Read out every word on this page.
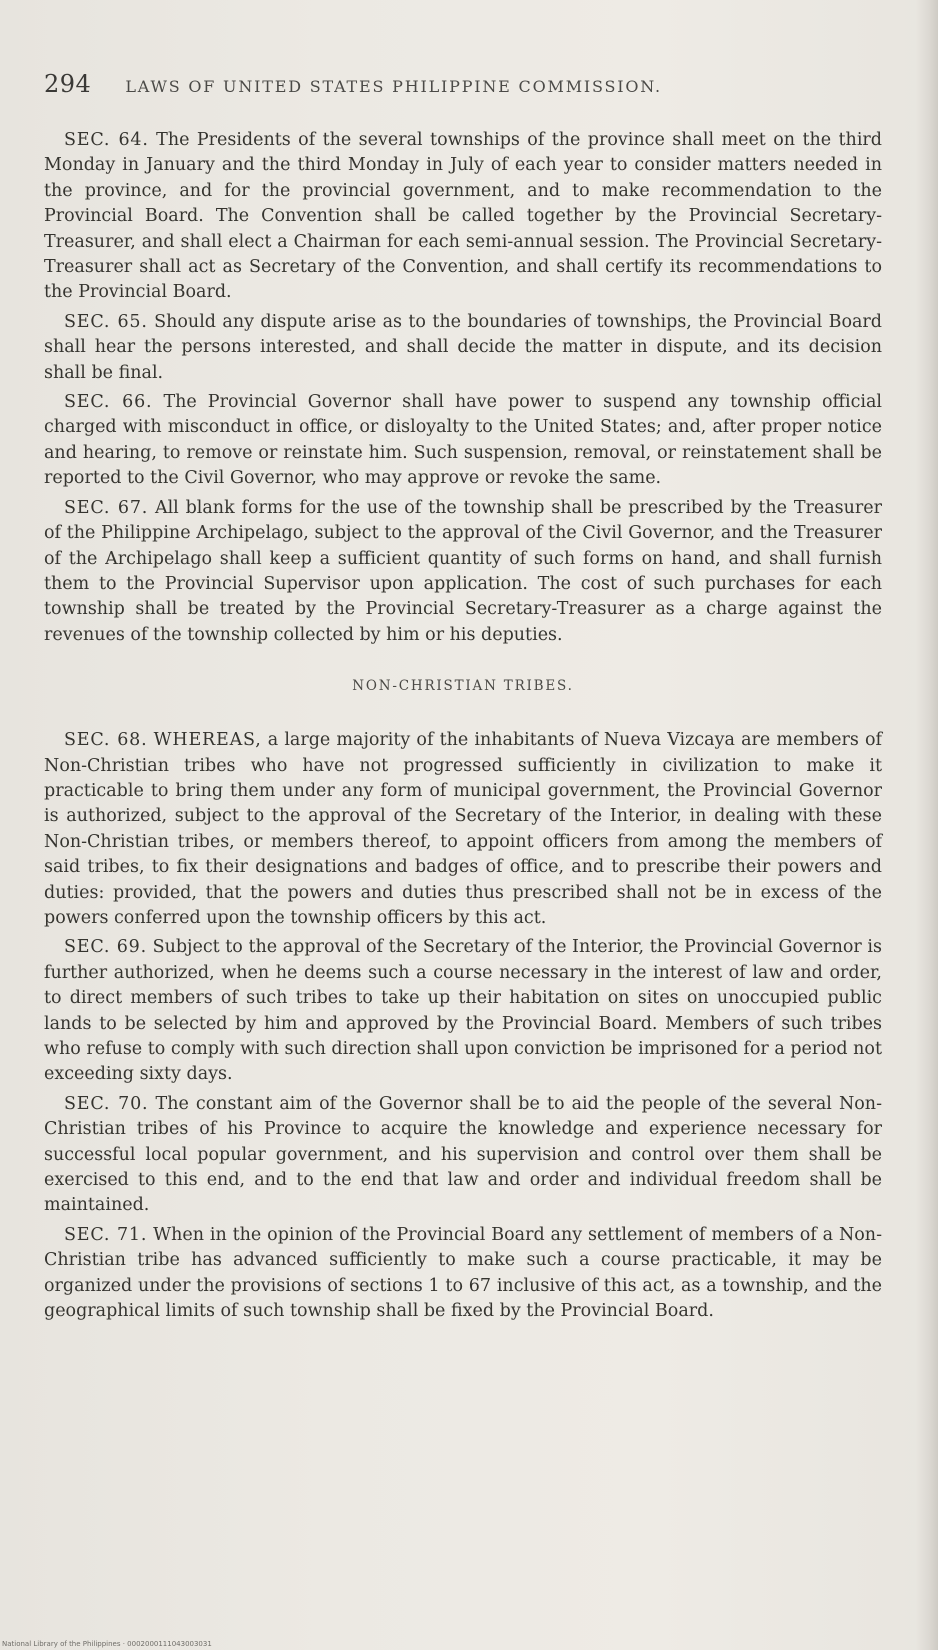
294 LAWS OF UNITED STATES PHILIPPINE COMMISSION.

SEC. 64. The Presidents of the several townships of the province shall meet on the third Monday in January and the third Monday in July of each year to consider matters needed in the province, and for the provincial government, and to make recommendation to the Provincial Board. The Convention shall be called together by the Provincial Secretary-Treasurer, and shall elect a Chairman for each semi-annual session. The Provincial Secretary-Treasurer shall act as Secretary of the Convention, and shall certify its recommendations to the Provincial Board.

SEC. 65. Should any dispute arise as to the boundaries of townships, the Provincial Board shall hear the persons interested, and shall decide the matter in dispute, and its decision shall be final.

SEC. 66. The Provincial Governor shall have power to suspend any township official charged with misconduct in office, or disloyalty to the United States; and, after proper notice and hearing, to remove or reinstate him. Such suspension, removal, or reinstatement shall be reported to the Civil Governor, who may approve or revoke the same.

SEC. 67. All blank forms for the use of the township shall be prescribed by the Treasurer of the Philippine Archipelago, subject to the approval of the Civil Governor, and the Treasurer of the Archipelago shall keep a sufficient quantity of such forms on hand, and shall furnish them to the Provincial Supervisor upon application. The cost of such purchases for each township shall be treated by the Provincial Secretary-Treasurer as a charge against the revenues of the township collected by him or his deputies.

NON-CHRISTIAN TRIBES.

SEC. 68. WHEREAS, a large majority of the inhabitants of Nueva Vizcaya are members of Non-Christian tribes who have not progressed sufficiently in civilization to make it practicable to bring them under any form of municipal government, the Provincial Governor is authorized, subject to the approval of the Secretary of the Interior, in dealing with these Non-Christian tribes, or members thereof, to appoint officers from among the members of said tribes, to fix their designations and badges of office, and to prescribe their powers and duties: provided, that the powers and duties thus prescribed shall not be in excess of the powers conferred upon the township officers by this act.

SEC. 69. Subject to the approval of the Secretary of the Interior, the Provincial Governor is further authorized, when he deems such a course necessary in the interest of law and order, to direct members of such tribes to take up their habitation on sites on unoccupied public lands to be selected by him and approved by the Provincial Board. Members of such tribes who refuse to comply with such direction shall upon conviction be imprisoned for a period not exceeding sixty days.

SEC. 70. The constant aim of the Governor shall be to aid the people of the several Non-Christian tribes of his Province to acquire the knowledge and experience necessary for successful local popular government, and his supervision and control over them shall be exercised to this end, and to the end that law and order and individual freedom shall be maintained.

SEC. 71. When in the opinion of the Provincial Board any settlement of members of a Non-Christian tribe has advanced sufficiently to make such a course practicable, it may be organized under the provisions of sections 1 to 67 inclusive of this act, as a township, and the geographical limits of such township shall be fixed by the Provincial Board.

National Library of the Philippines · 0002000111043003031
